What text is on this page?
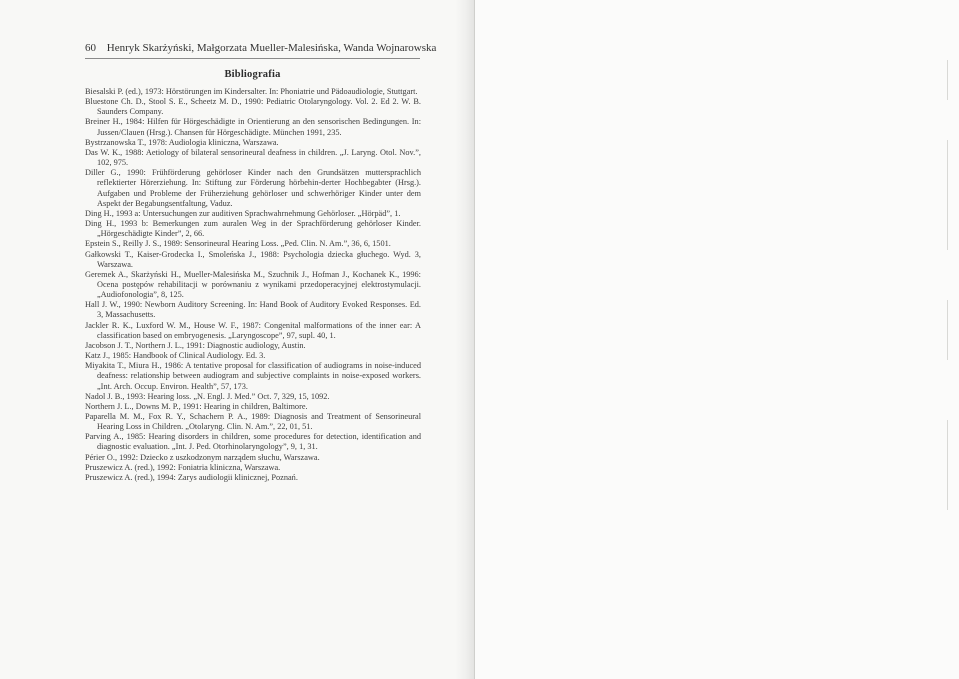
60 Henryk Skarżyński, Małgorzata Mueller-Malesińska, Wanda Wojnarowska
Bibliografia
Biesalski P. (ed.), 1973: Hörstörungen im Kindersalter. In: Phoniatrie und Pädoaudiologie, Stuttgart.
Bluestone Ch. D., Stool S. E., Scheetz M. D., 1990: Pediatric Otolaryngology. Vol. 2. Ed 2. W. B. Saunders Company.
Breiner H., 1984: Hilfen für Hörgeschädigte in Orientierung an den sensorischen Bedingungen. In: Jussen/Clauen (Hrsg.). Chansen für Hörgeschädigte. München 1991, 235.
Bystrzanowska T., 1978: Audiologia kliniczna, Warszawa.
Das W. K., 1988: Aetiology of bilateral sensorineural deafness in children. „J. Laryng. Otol. Nov.”, 102, 975.
Diller G., 1990: Frühförderung gehörloser Kinder nach den Grundsätzen muttersprachlich reflektierter Hörerziehung. In: Stiftung zur Förderung hörbehin-derter Hochbegabter (Hrsg.). Aufgaben und Probleme der Früherziehung gehörloser und schwerhöriger Kinder unter dem Aspekt der Begabungsentfaltung, Vaduz.
Ding H., 1993 a: Untersuchungen zur auditiven Sprachwahrnehmung Gehörloser. „Hörpäd”, 1.
Ding H., 1993 b: Bemerkungen zum auralen Weg in der Sprachförderung gehörloser Kinder. „Hörgeschädigte Kinder”, 2, 66.
Epstein S., Reilly J. S., 1989: Sensorineural Hearing Loss. „Ped. Clin. N. Am.”, 36, 6, 1501.
Gałkowski T., Kaiser-Grodecka I., Smoleńska J., 1988: Psychologia dziecka głuchego. Wyd. 3, Warszawa.
Geremek A., Skarżyński H., Mueller-Malesińska M., Szuchnik J., Hofman J., Kochanek K., 1996: Ocena postępów rehabilitacji w porównaniu z wynikami przedoperacyjnej elektrostymulacji. „Audiofonologia”, 8, 125.
Hall J. W., 1990: Newborn Auditory Screening. In: Hand Book of Auditory Evoked Responses. Ed. 3, Massachusetts.
Jackler R. K., Luxford W. M., House W. F., 1987: Congenital malformations of the inner ear: A classification based on embryogenesis. „Laryngoscope”, 97, supl. 40, 1.
Jacobson J. T., Northern J. L., 1991: Diagnostic audiology, Austin.
Katz J., 1985: Handbook of Clinical Audiology. Ed. 3.
Miyakita T., Miura H., 1986: A tentative proposal for classification of audiograms in noise-induced deafness: relationship between audiogram and subjective complaints in noise-exposed workers. „Int. Arch. Occup. Environ. Health”, 57, 173.
Nadol J. B., 1993: Hearing loss. „N. Engl. J. Med.” Oct. 7, 329, 15, 1092.
Northern J. L., Downs M. P., 1991: Hearing in children, Baltimore.
Paparella M. M., Fox R. Y., Schachern P. A., 1989: Diagnosis and Treatment of Sensorineural Hearing Loss in Children. „Otolaryng. Clin. N. Am.”, 22, 01, 51.
Parving A., 1985: Hearing disorders in children, some procedures for detection, identification and diagnostic evaluation. „Int. J. Ped. Otorhinolaryngology”, 9, 1, 31.
Périer O., 1992: Dziecko z uszkodzonym narządem słuchu, Warszawa.
Pruszewicz A. (red.), 1992: Foniatria kliniczna, Warszawa.
Pruszewicz A. (red.), 1994: Zarys audiologii klinicznej, Poznań.
